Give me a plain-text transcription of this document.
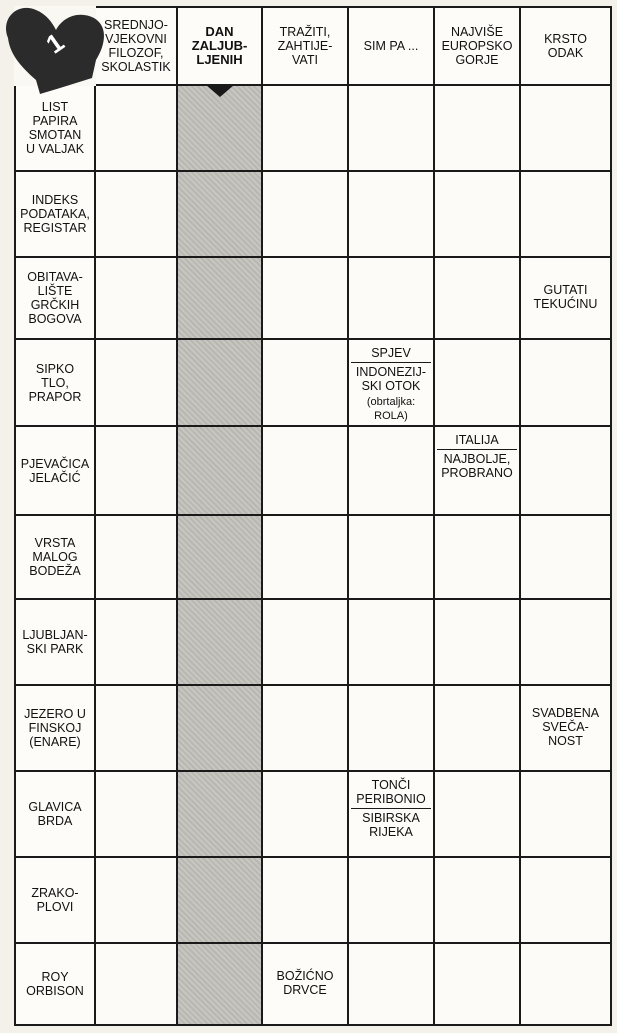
SREDNJO-
VJEKOVNI
FILOZOF,
SKOLASTIK
DAN
ZALJUB-
LJENIH
TRAŽITI,
ZAHTIJE-
VATI
SIM PA ...
NAJVIŠE
EUROPSKO
GORJE
KRSTO
ODAK
LIST
PAPIRA
SMOTAN
U VALJAK
INDEKS
PODATAKA,
REGISTAR
OBITAVA-
LIŠTE
GRČKIH
BOGOVA
GUTATI
TEKUĆINU
SIPKO
TLO,
PRAPOR
SPJEV
INDONEZIJ-
SKI OTOK
(obrtaljka:
ROLA)
PJEVAČICA
JELAČIĆ
ITALIJA
NAJBOLJE,
PROBRANO
VRSTA
MALOG
BODEŽA
LJUBLJAN-
SKI PARK
JEZERO U
FINSKOJ
(ENARE)
SVADBENA
SVEČA-
NOST
GLAVICA
BRDA
TONČI
PERIBONIO
SIBIRSKA
RIJEKA
ZRAKO-
PLOVI
ROY
ORBISON
BOŽIĆNO
DRVCE
1
